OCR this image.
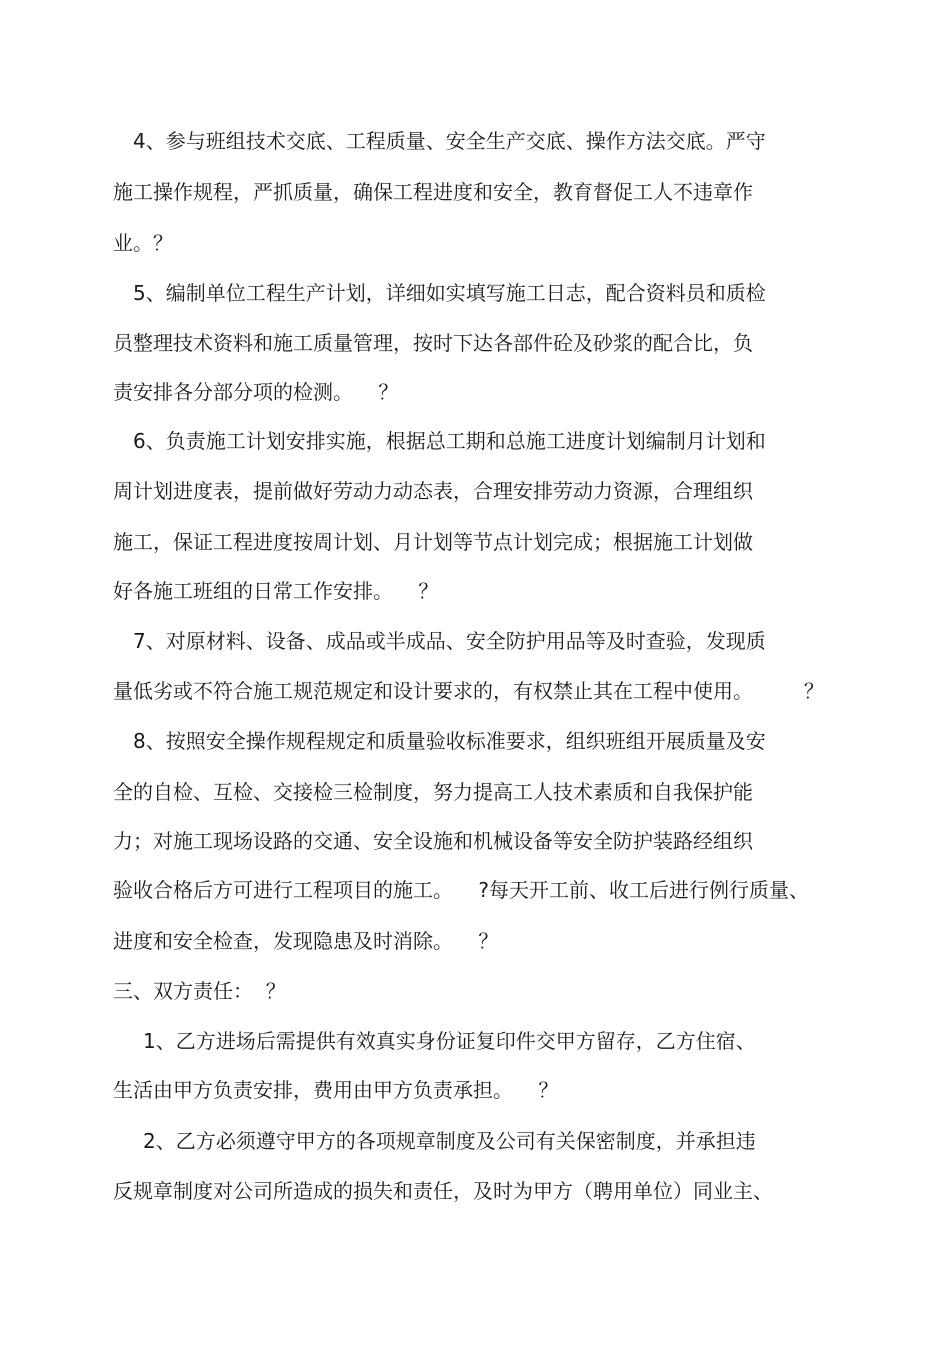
4、参与班组技术交底、工程质量、安全生产交底、操作方法交底。严守
施工操作规程，严抓质量，确保工程进度和安全，教育督促工人不违章作
业。？
5、编制单位工程生产计划，详细如实填写施工日志，配合资料员和质检
员整理技术资料和施工质量管理，按时下达各部件砼及砂浆的配合比，负
责安排各分部分项的检测。    ？
6、负责施工计划安排实施，根据总工期和总施工进度计划编制月计划和
周计划进度表，提前做好劳动力动态表，合理安排劳动力资源，合理组织
施工，保证工程进度按周计划、月计划等节点计划完成；根据施工计划做
好各施工班组的日常工作安排。    ？
7、对原材料、设备、成品或半成品、安全防护用品等及时查验，发现质
量低劣或不符合施工规范规定和设计要求的，有权禁止其在工程中使用。        ？
8、按照安全操作规程规定和质量验收标准要求，组织班组开展质量及安
全的自检、互检、交接检三检制度，努力提高工人技术素质和自我保护能
力；对施工现场设路的交通、安全设施和机械设备等安全防护装路经组织
验收合格后方可进行工程项目的施工。    ?每天开工前、收工后进行例行质量、
进度和安全检查，发现隐患及时消除。    ？
三、双方责任：  ？
1、乙方进场后需提供有效真实身份证复印件交甲方留存，乙方住宿、
生活由甲方负责安排，费用由甲方负责承担。    ？
2、乙方必须遵守甲方的各项规章制度及公司有关保密制度，并承担违
反规章制度对公司所造成的损失和责任，及时为甲方（聘用单位）同业主、
